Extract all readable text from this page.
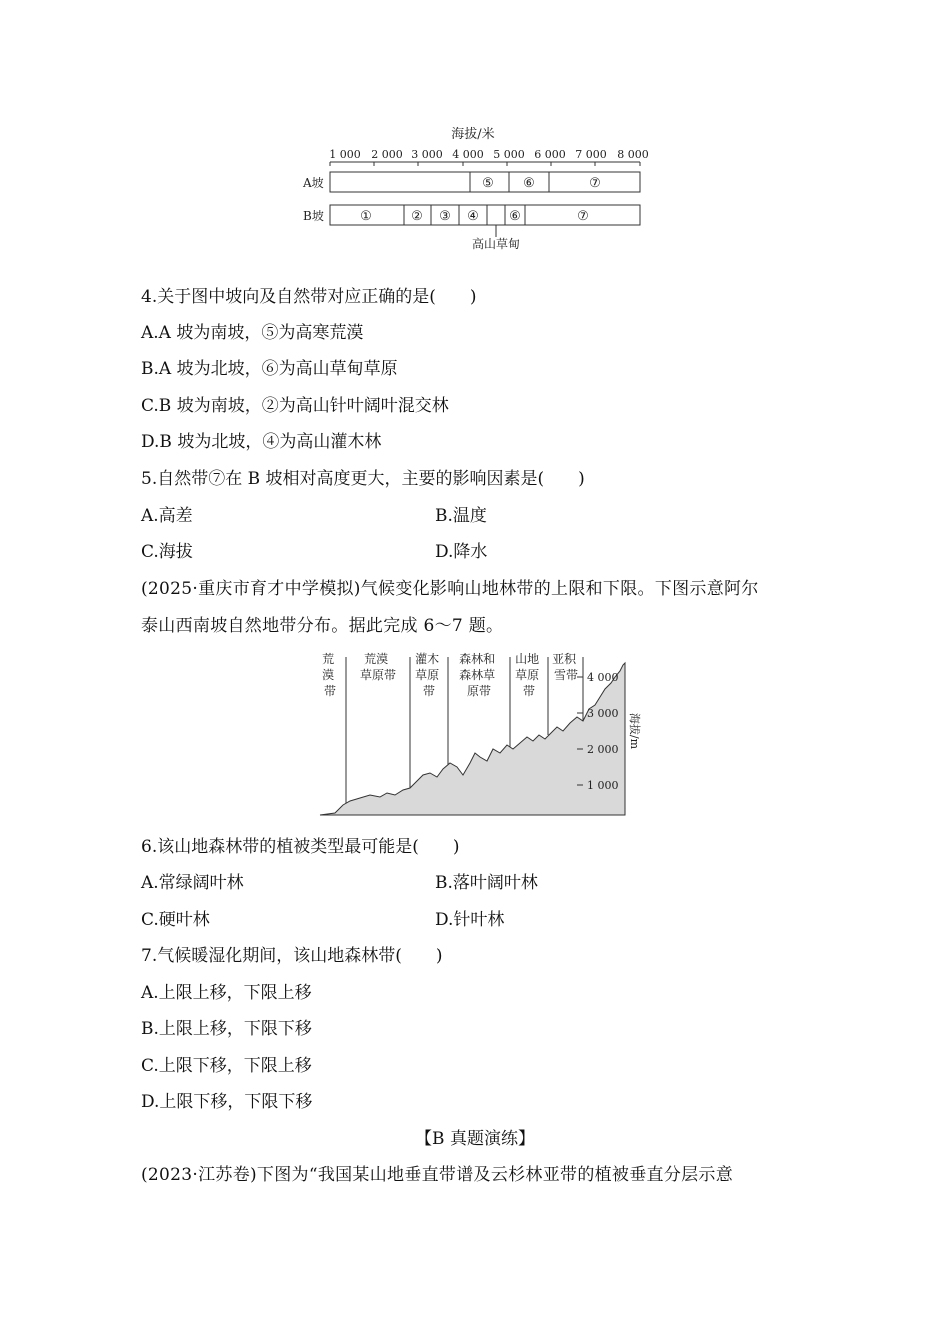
海拔/米
1 000 2 000 3 000 4 000 5 000 6 000 7 000 8 000
A坡	⑤ ⑥	⑦
B坡	①	② ③ ④ ⑥	⑦
高山草甸
4.关于图中坡向及自然带对应正确的是(　　)
A.A 坡为南坡，⑤为高寒荒漠
B.A 坡为北坡，⑥为高山草甸草原
C.B 坡为南坡，②为高山针叶阔叶混交林
D.B 坡为北坡，④为高山灌木林
5.自然带⑦在 B 坡相对高度更大，主要的影响因素是(　　)
A.高差	B.温度
C.海拔	D.降水
(2025·重庆市育才中学模拟)气候变化影响山地林带的上限和下限。下图示意阿尔
泰山西南坡自然地带分布。据此完成 6～7 题。
荒 漠 带
荒漠 草原带
灌木 草原 带
森林和 森林草 原带
山地 草原 带
亚积 雪带 4 000
3 000
2 000
1 000
海拔/m
6.该山地森林带的植被类型最可能是(　　)
A.常绿阔叶林	B.落叶阔叶林
C.硬叶林	D.针叶林
7.气候暖湿化期间，该山地森林带(　　)
A.上限上移，下限上移
B.上限上移，下限下移
C.上限下移，下限上移
D.上限下移，下限下移
【B 真题演练】
(2023·江苏卷)下图为“我国某山地垂直带谱及云杉林亚带的植被垂直分层示意
